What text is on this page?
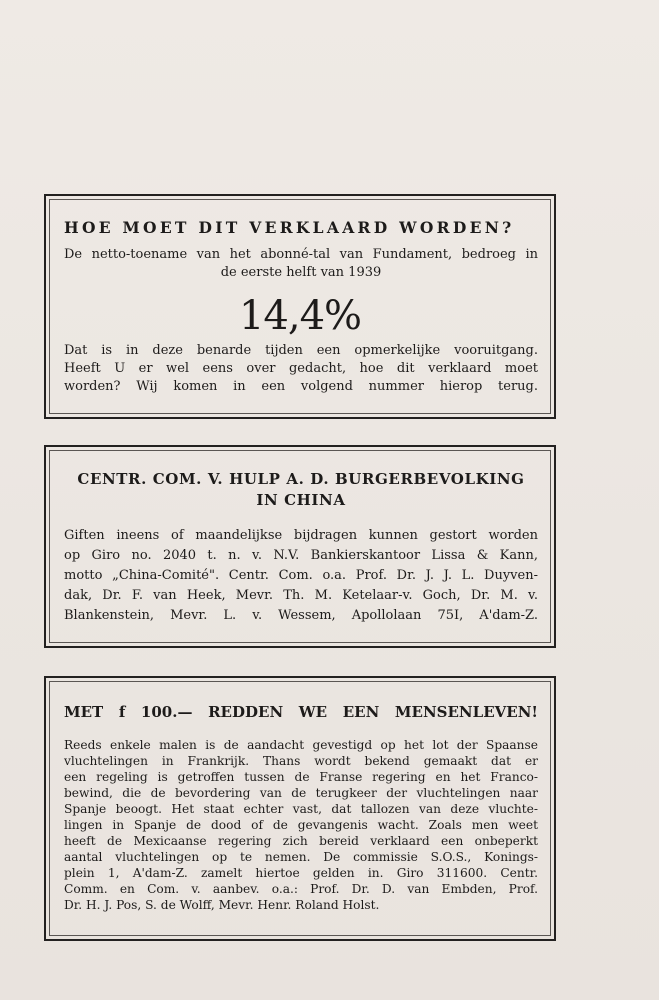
HOE MOET DIT VERKLAARD WORDEN?
De netto-toename van het abonné-tal van Fundament, bedroeg in
de eerste helft van 1939
14,4%
Dat is in deze benarde tijden een opmerkelijke vooruitgang.
Heeft U er wel eens over gedacht, hoe dit verklaard moet
worden? Wij komen in een volgend nummer hierop terug.
CENTR. COM. V. HULP A. D. BURGERBEVOLKING
IN CHINA
Giften ineens of maandelijkse bijdragen kunnen gestort worden
op Giro no. 2040 t. n. v. N.V. Bankierskantoor Lissa & Kann,
motto „China-Comité". Centr. Com. o.a. Prof. Dr. J. J. L. Duyven-
dak, Dr. F. van Heek, Mevr. Th. M. Ketelaar-v. Goch, Dr. M. v.
Blankenstein, Mevr. L. v. Wessem, Apollolaan 75I, A'dam-Z.
MET f 100.— REDDEN WE EEN MENSENLEVEN!
Reeds enkele malen is de aandacht gevestigd op het lot der Spaanse
vluchtelingen in Frankrijk. Thans wordt bekend gemaakt dat er
een regeling is getroffen tussen de Franse regering en het Franco-
bewind, die de bevordering van de terugkeer der vluchtelingen naar
Spanje beoogt. Het staat echter vast, dat tallozen van deze vluchte-
lingen in Spanje de dood of de gevangenis wacht. Zoals men weet
heeft de Mexicaanse regering zich bereid verklaard een onbeperkt
aantal vluchtelingen op te nemen. De commissie S.O.S., Konings-
plein 1, A'dam-Z. zamelt hiertoe gelden in. Giro 311600. Centr.
Comm. en Com. v. aanbev. o.a.: Prof. Dr. D. van Embden, Prof.
Dr. H. J. Pos, S. de Wolff, Mevr. Henr. Roland Holst.
